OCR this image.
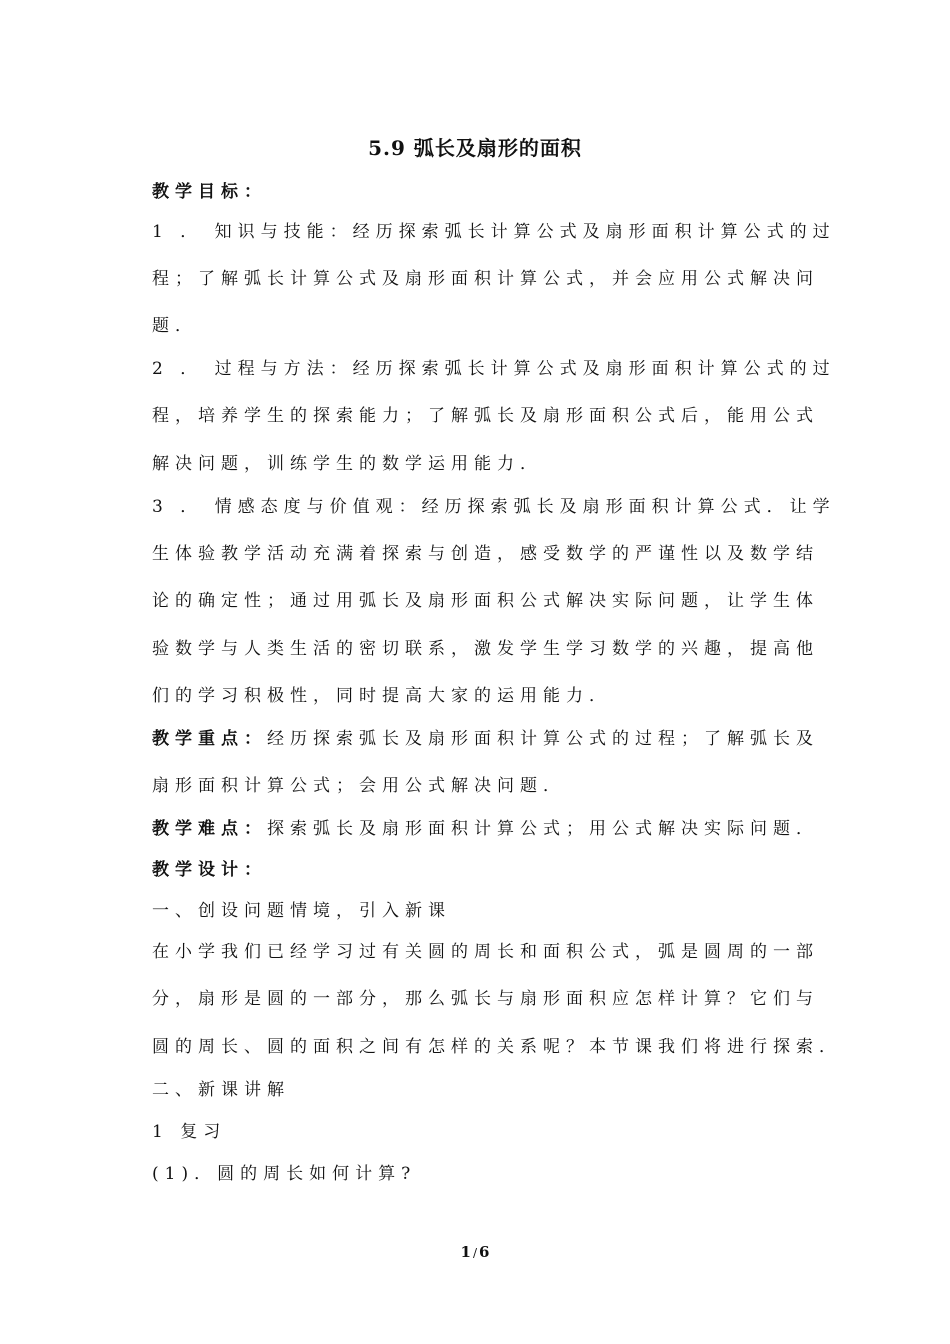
5.9 弧长及扇形的面积
教学目标：
1 ． 知识与技能：经历探索弧长计算公式及扇形面积计算公式的过
程；了解弧长计算公式及扇形面积计算公式，并会应用公式解决问
题．
2 ． 过程与方法：经历探索弧长计算公式及扇形面积计算公式的过
程，培养学生的探索能力；了解弧长及扇形面积公式后，能用公式
解决问题，训练学生的数学运用能力．
3 ． 情感态度与价值观：经历探索弧长及扇形面积计算公式．让学
生体验教学活动充满着探索与创造，感受数学的严谨性以及数学结
论的确定性；通过用弧长及扇形面积公式解决实际问题，让学生体
验数学与人类生活的密切联系，激发学生学习数学的兴趣，提高他
们的学习积极性，同时提高大家的运用能力．
教学重点：经历探索弧长及扇形面积计算公式的过程；了解弧长及
扇形面积计算公式；会用公式解决问题．
教学难点：探索弧长及扇形面积计算公式；用公式解决实际问题．
教学设计：
一、创设问题情境，引入新课
在小学我们已经学习过有关圆的周长和面积公式，弧是圆周的一部
分，扇形是圆的一部分，那么弧长与扇形面积应怎样计算？它们与
圆的周长、圆的面积之间有怎样的关系呢？本节课我们将进行探索．
二、新课讲解
1 复习
(1)．圆的周长如何计算?
1 / 6
